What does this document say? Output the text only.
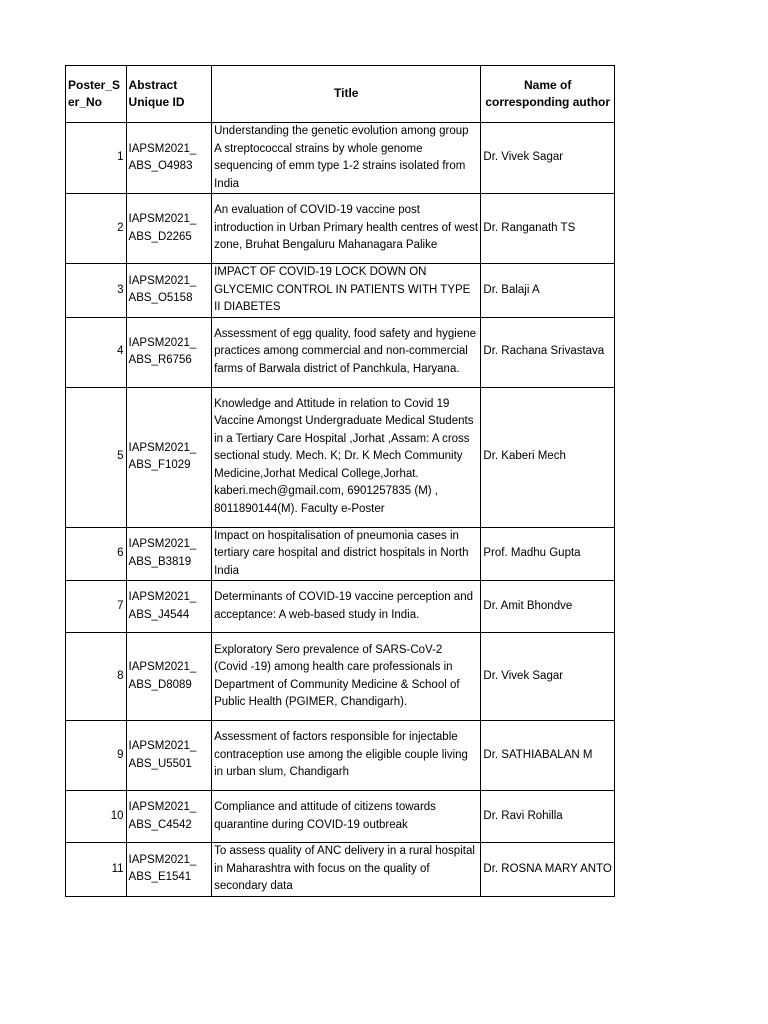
Poster_S er_No	Abstract Unique ID	Title	Name of corresponding author
1	IAPSM2021_ ABS_O4983	Understanding the genetic evolution among group A streptococcal strains by whole genome sequencing of emm type 1-2 strains isolated from India	Dr. Vivek Sagar
2	IAPSM2021_ ABS_D2265	An evaluation of COVID-19 vaccine post introduction in Urban Primary health centres of west zone, Bruhat Bengaluru Mahanagara Palike	Dr. Ranganath TS
3	IAPSM2021_ ABS_O5158	IMPACT OF COVID-19 LOCK DOWN ON GLYCEMIC CONTROL IN PATIENTS WITH TYPE II DIABETES	Dr. Balaji A
4	IAPSM2021_ ABS_R6756	Assessment of egg quality, food safety and hygiene practices among commercial and non-commercial farms of Barwala district of Panchkula, Haryana.	Dr. Rachana Srivastava
5	IAPSM2021_ ABS_F1029	Knowledge and Attitude in relation to Covid 19 Vaccine Amongst Undergraduate Medical Students in a Tertiary Care Hospital ,Jorhat ,Assam: A cross sectional study. Mech. K; Dr. K Mech Community Medicine,Jorhat Medical College,Jorhat. kaberi.mech@gmail.com, 6901257835 (M) , 8011890144(M). Faculty e-Poster	Dr. Kaberi Mech
6	IAPSM2021_ ABS_B3819	Impact on hospitalisation of pneumonia cases in tertiary care hospital and district hospitals in North India	Prof. Madhu Gupta
7	IAPSM2021_ ABS_J4544	Determinants of COVID-19 vaccine perception and acceptance: A web-based study in India.	Dr. Amit Bhondve
8	IAPSM2021_ ABS_D8089	Exploratory Sero prevalence of SARS-CoV-2 (Covid -19) among health care professionals in Department of Community Medicine & School of Public Health (PGIMER, Chandigarh).	Dr. Vivek Sagar
9	IAPSM2021_ ABS_U5501	Assessment of factors responsible for injectable contraception use among the eligible couple living in urban slum, Chandigarh	Dr. SATHIABALAN M
10	IAPSM2021_ ABS_C4542	Compliance and attitude of citizens towards quarantine during COVID-19 outbreak	Dr. Ravi Rohilla
11	IAPSM2021_ ABS_E1541	To assess quality of ANC delivery in a rural hospital in Maharashtra with focus on the quality of secondary data	Dr. ROSNA MARY ANTO
